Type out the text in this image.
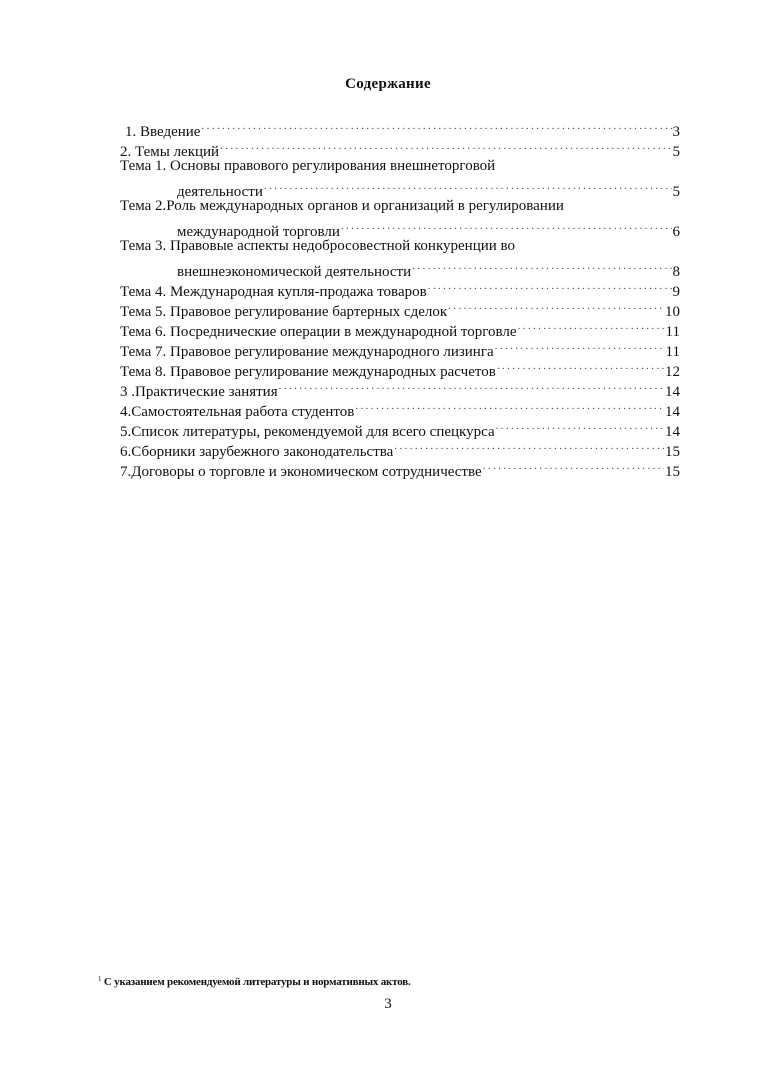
Содержание
1. Введение .....	3
2. Темы лекций .....	5
Тема 1. Основы правового регулирования внешнеторговой
деятельности .....	5
Тема 2.Роль международных органов и организаций в регулировании
международной торговли .....	6
Тема 3. Правовые аспекты недобросовестной конкуренции во
внешнеэкономической деятельности .....	8
Тема 4. Международная купля-продажа товаров .....	9
Тема 5. Правовое регулирование бартерных сделок .....	10
Тема 6. Посреднические операции в международной торговле .....	11
Тема 7. Правовое регулирование международного лизинга .....	11
Тема 8. Правовое регулирование международных расчетов .....	12
3 .Практические занятия .....	14
4.Самостоятельная работа студентов .....	14
5.Список литературы, рекомендуемой для всего спецкурса .....	14
6.Сборники зарубежного законодательства .....	15
7.Договоры о торговле и экономическом сотрудничестве .....	15
$^1$ С указанием рекомендуемой литературы и нормативных актов.
3
